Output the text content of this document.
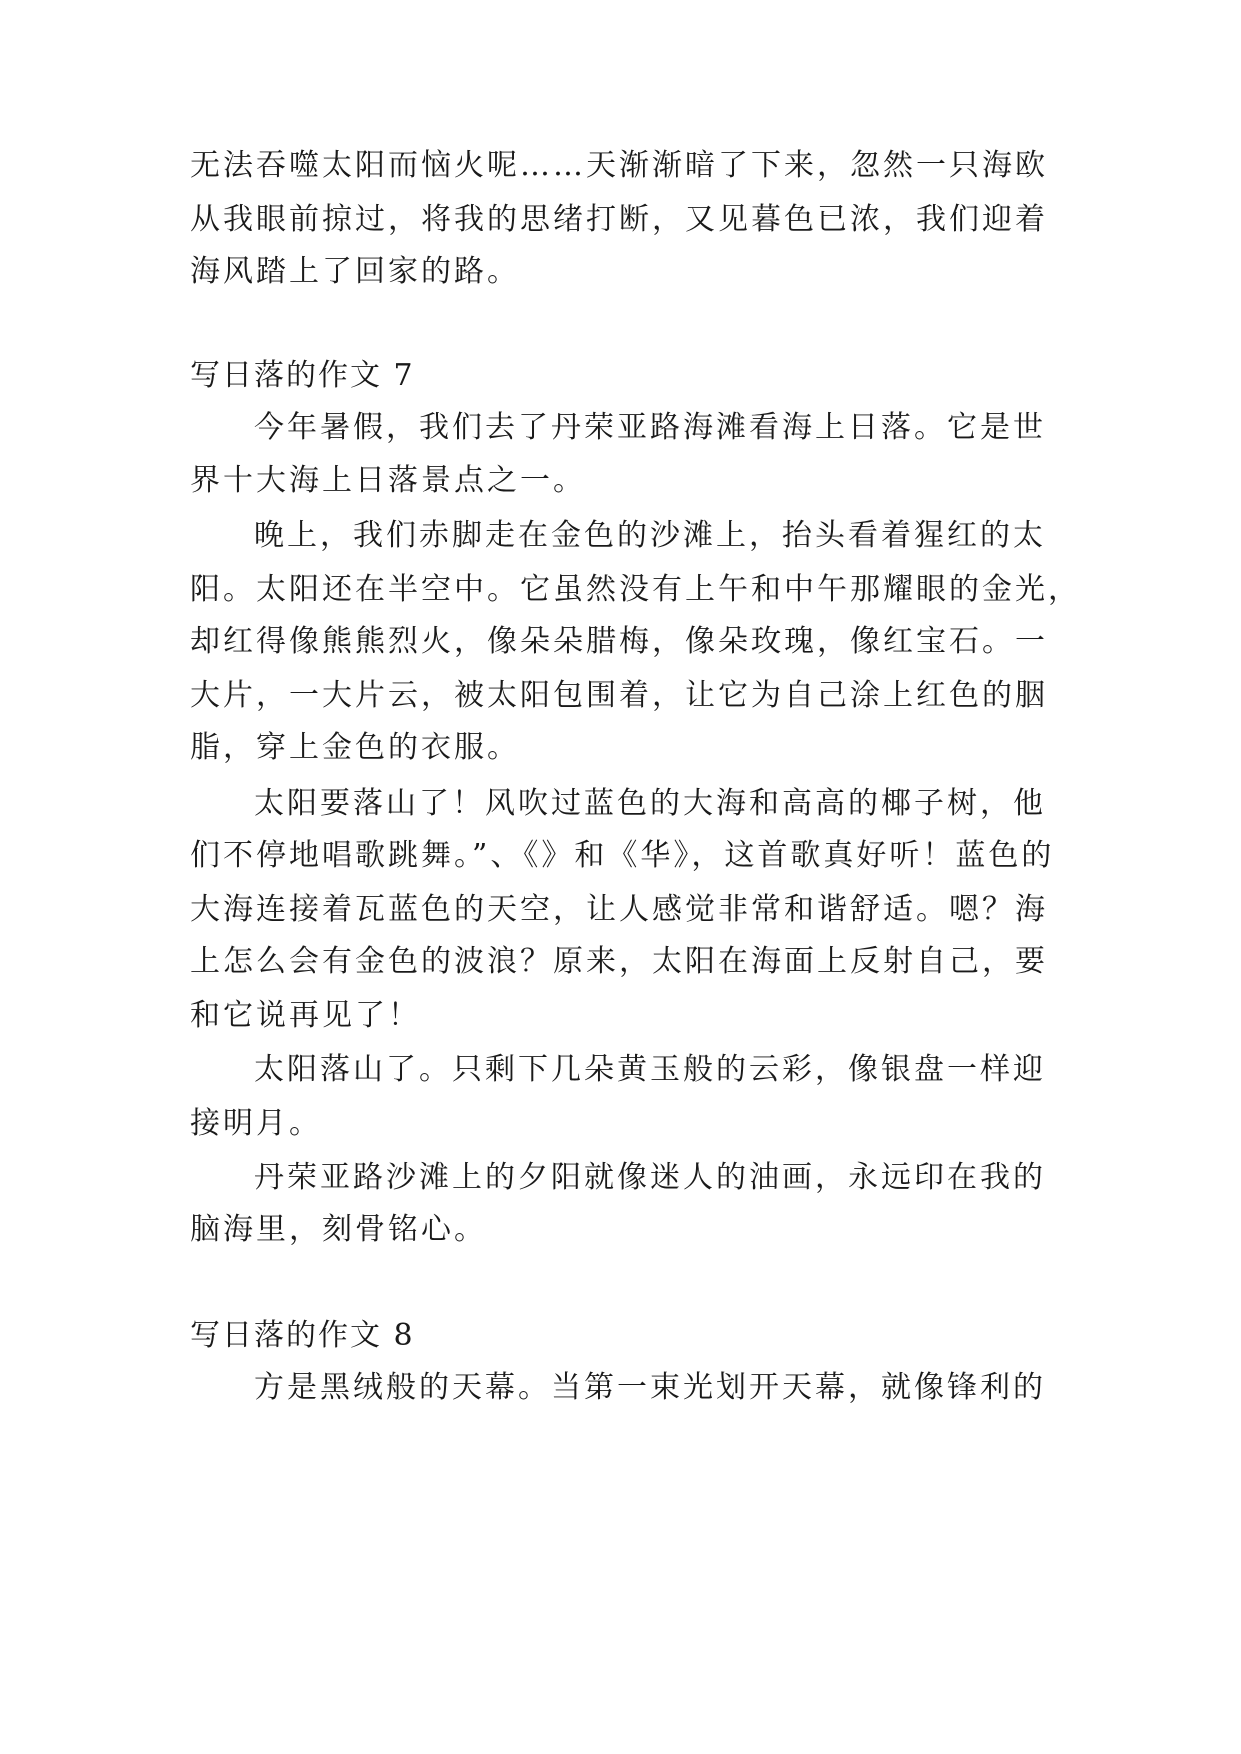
无法吞噬太阳而恼火呢……天渐渐暗了下来，忽然一只海欧
从我眼前掠过，将我的思绪打断，又见暮色已浓，我们迎着
海风踏上了回家的路。
写日落的作文 7
今年暑假，我们去了丹荣亚路海滩看海上日落。它是世
界十大海上日落景点之一。
晚上，我们赤脚走在金色的沙滩上，抬头看着猩红的太
阳。太阳还在半空中。它虽然没有上午和中午那耀眼的金光，
却红得像熊熊烈火，像朵朵腊梅，像朵玫瑰，像红宝石。一
大片，一大片云，被太阳包围着，让它为自己涂上红色的胭
脂，穿上金色的衣服。
太阳要落山了！风吹过蓝色的大海和高高的椰子树，他
们不停地唱歌跳舞。”、《》和《华》，这首歌真好听！蓝色的
大海连接着瓦蓝色的天空，让人感觉非常和谐舒适。嗯？海
上怎么会有金色的波浪？原来，太阳在海面上反射自己，要
和它说再见了！
太阳落山了。只剩下几朵黄玉般的云彩，像银盘一样迎
接明月。
丹荣亚路沙滩上的夕阳就像迷人的油画，永远印在我的
脑海里，刻骨铭心。
写日落的作文 8
方是黑绒般的天幕。当第一束光划开天幕，就像锋利的
